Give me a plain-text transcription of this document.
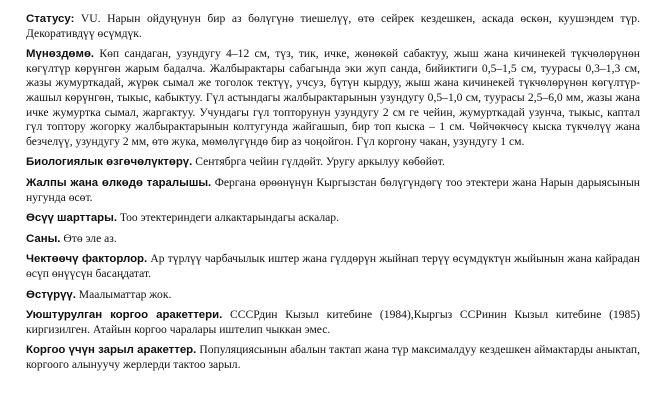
Статусу: VU. Нарын ойдуңунун бир аз бөлүгүнө тиешелүү, өтө сейрек кездешкен, аскада өскөн, куушэндем түр. Декоративдүү өсүмдүк.

Мүнөздөмө. Көп сандаган, узундугу 4–12 см, түз, тик, ичке, жөнөкөй сабактуу, жыш жана кичинекей түкчөлөрүнөн көгүлтүр көрүнгөн жарым бадалча. Жалбырактары сабагында эки жуп санда, бийиктиги 0,5–1,5 см, туурасы 0,3–1,3 см, жазы жумурткадай, жүрөк сымал же тоголок тектүү, учсуз, бүтүн кырдуу, жыш жана кичинекей түкчөлөрүнөн көгүлтүр-жашыл көрүнгөн, тыкыс, кабыктуу. Гүл астындагы жалбырактарынын узундугу 0,5–1,0 см, туурасы 2,5–6,0 мм, жазы жана ичке жумуртка сымал, жаргактуу. Учундагы гүл топторунун узундугу 2 см ге чейин, жумурткадай узунча, тыкыс, каптал гүл топтору жогорку жалбырактарынын колтугунда жайгашып, бир топ кыска – 1 см. Чөйчөкчөсү кыска түкчөлүү жана безчелүү, узундугу 2 мм, өтө жука, мөмөлүгүндө бир аз чоңойгон. Гүл коргону чакан, узундугу 1 см.

Биологиялык өзгөчөлүктөрү. Сентябрга чейин гүлдөйт. Уругу аркылуу көбөйөт.

Жалпы жана өлкөдө таралышы. Фергана өрөөнүнүн Кыргызстан бөлүгүндөгү тоо этектери жана Нарын дарыясынын нугунда өсөт.

Өсүү шарттары. Тоо этектериндеги алкактарындагы аскалар.

Саны. Өтө эле аз.

Чектөөчү факторлор. Ар түрлүү чарбачылык иштер жана гүлдөрүн жыйнап терүү өсүмдүктүн жыйынын жана кайрадан өсүп өнүүсүн басаңдатат.

Өстүрүү. Маалыматтар жок.

Уюштурулган коргоо аракеттери. СССРдин Кызыл китебине (1984),Кыргыз ССРинин Кызыл китебине (1985) киргизилген. Атайын коргоо чаралары иштелип чыккан эмес.

Коргоо үчүн зарыл аракеттер. Популяциясынын абалын тактап жана түр максималдуу кездешкен аймактарды аныктап, коргоого алынуучу жерлерди тактоо зарыл.
